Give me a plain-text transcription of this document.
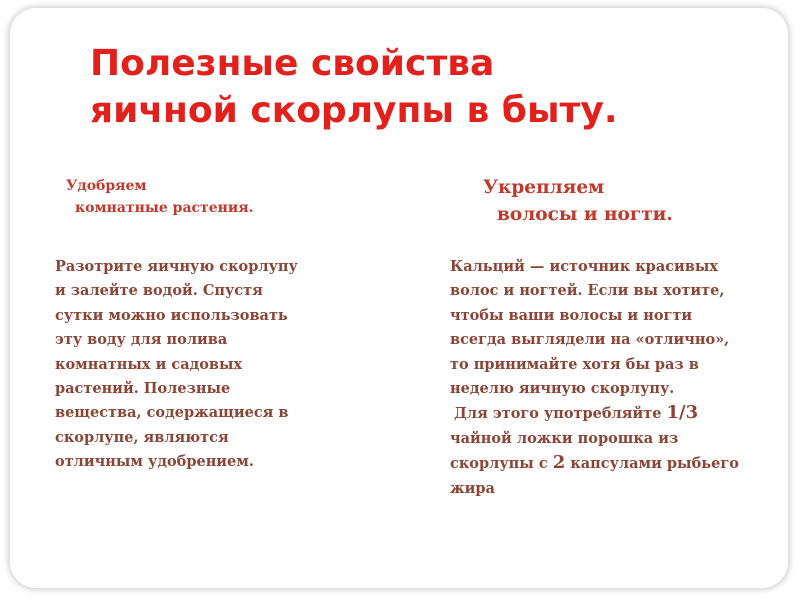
Полезные свойства
яичной скорлупы в быту.
Удобряем
комнатные растения.
Укрепляем
волосы и ногти.

Разотрите яичную скорлупу
и залейте водой. Спустя
сутки можно использовать
эту воду для полива
комнатных и садовых
растений. Полезные
вещества, содержащиеся в
скорлупе, являются
отличным удобрением.

Кальций — источник красивых
волос и ногтей. Если вы хотите,
чтобы ваши волосы и ногти
всегда выглядели на «отлично»,
то принимайте хотя бы раз в
неделю яичную скорлупу.
Для этого употребляйте 1/3
чайной ложки порошка из
скорлупы с 2 капсулами рыбьего
жира
